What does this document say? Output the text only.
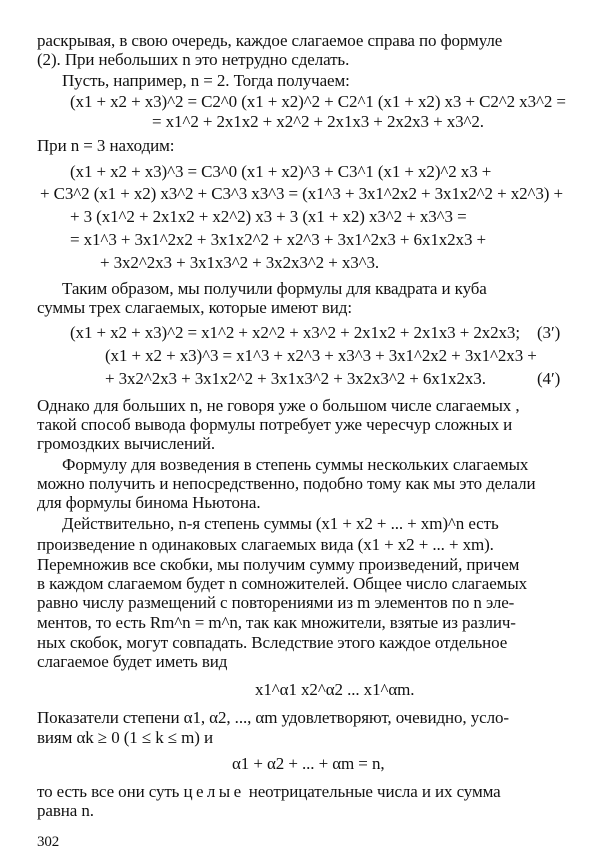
раскрывая, в свою очередь, каждое слагаемое справа по формуле
(2). При небольших n это нетрудно сделать.
Пусть, например, n = 2. Тогда получаем:
(x1 + x2 + x3)^2 = C2^0 (x1 + x2)^2 + C2^1 (x1 + x2) x3 + C2^2 x3^2 =
= x1^2 + 2x1x2 + x2^2 + 2x1x3 + 2x2x3 + x3^2.
При n = 3 находим:
(x1 + x2 + x3)^3 = C3^0 (x1 + x2)^3 + C3^1 (x1 + x2)^2 x3 +
+ C3^2 (x1 + x2) x3^2 + C3^3 x3^3 = (x1^3 + 3x1^2x2 + 3x1x2^2 + x2^3) +
+ 3 (x1^2 + 2x1x2 + x2^2) x3 + 3 (x1 + x2) x3^2 + x3^3 =
= x1^3 + 3x1^2x2 + 3x1x2^2 + x2^3 + 3x1^2x3 + 6x1x2x3 +
+ 3x2^2x3 + 3x1x3^2 + 3x2x3^2 + x3^3.
Таким образом, мы получили формулы для квадрата и куба
суммы трех слагаемых, которые имеют вид:
(x1 + x2 + x3)^2 = x1^2 + x2^2 + x3^2 + 2x1x2 + 2x1x3 + 2x2x3; (3′)
(x1 + x2 + x3)^3 = x1^3 + x2^3 + x3^3 + 3x1^2x2 + 3x1^2x3 +
+ 3x2^2x3 + 3x1x2^2 + 3x1x3^2 + 3x2x3^2 + 6x1x2x3.	(4′)
Однако для больших n, не говоря уже о большом числе слагаемых ,
такой способ вывода формулы потребует уже чересчур сложных и
громоздких вычислений.
Формулу для возведения в степень суммы нескольких слагаемых
можно получить и непосредственно, подобно тому как мы это делали
для формулы бинома Ньютона.
Действительно, n-я степень суммы (x1 + x2 + ... + xm)^n есть
произведение n одинаковых слагаемых вида (x1 + x2 + ... + xm).
Перемножив все скобки, мы получим сумму произведений, причем
в каждом слагаемом будет n сомножителей. Общее число слагаемых
равно числу размещений с повторениями из m элементов по n эле-
ментов, то есть Rm^n = m^n, так как множители, взятые из различ-
ных скобок, могут совпадать. Вследствие этого каждое отдельное
слагаемое будет иметь вид
x1^α1 x2^α2 ... x1^αm.
Показатели степени α1, α2, ..., αm удовлетворяют, очевидно, усло-
виям αk ≥ 0 (1 ≤ k ≤ m) и
α1 + α2 + ... + αm = n,
то есть все они суть целые неотрицательные числа и их сумма
равна n.
302
